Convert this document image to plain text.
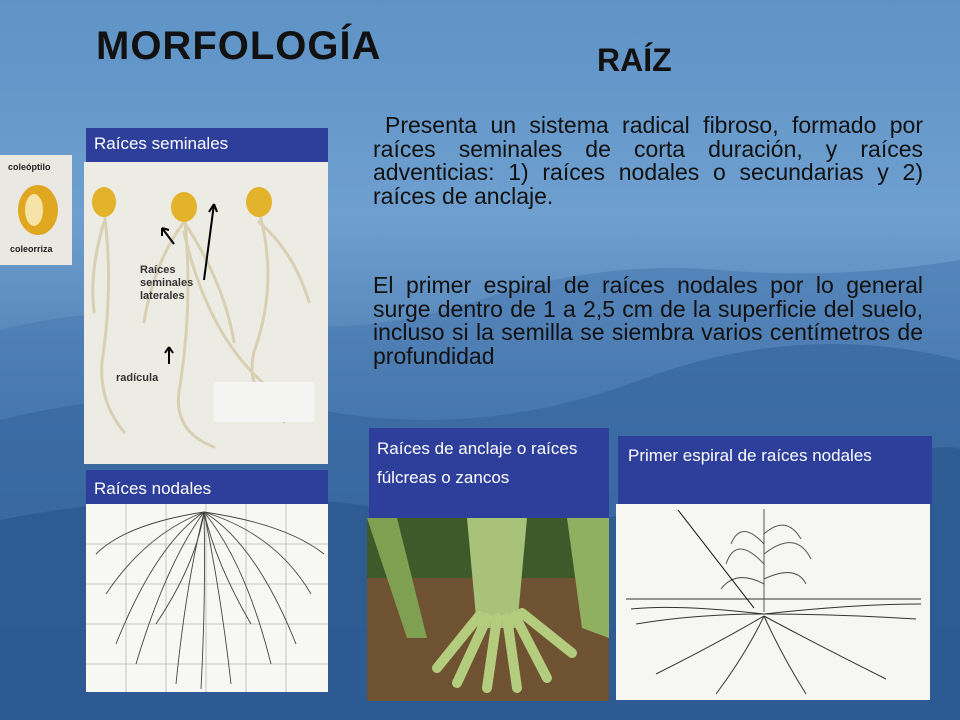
MORFOLOGÍA	RAÍZ

Presenta un sistema radical fibroso, formado por raíces seminales de corta duración, y raíces adventicias: 1) raíces nodales o secundarias y 2) raíces de anclaje.

El primer espiral de raíces nodales por lo general surge dentro de 1 a 2,5 cm de la superficie del suelo, incluso si la semilla se siembra varios centímetros de profundidad

coleóptilo
coleorriza
Raíces seminales
Raíces seminales laterales
radícula
Raíces nodales
Raíces de anclaje o raíces fúlcreas o zancos
Primer espiral de raíces nodales
